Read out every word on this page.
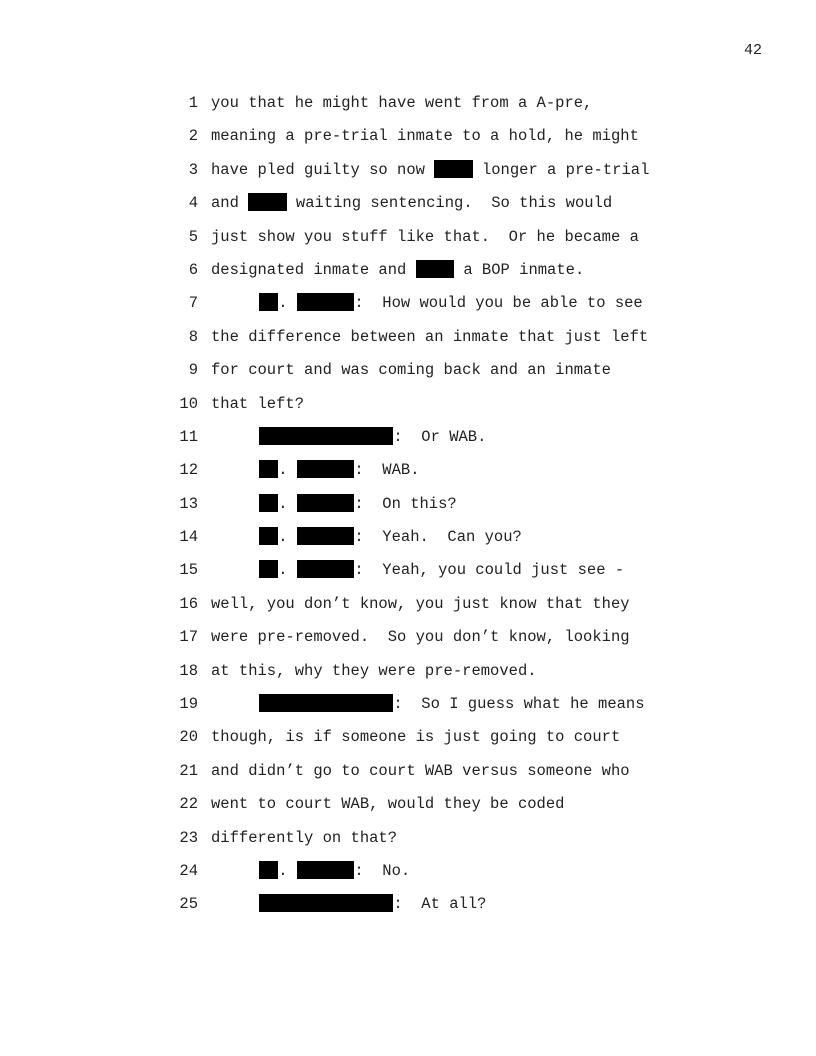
42
1 you that he might have went from a A-pre,
2 meaning a pre-trial inmate to a hold, he might
3 have pled guilty so now  longer a pre-trial
4 and  waiting sentencing.  So this would
5 just show you stuff like that.  Or he became a
6 designated inmate and  a BOP inmate.
7	.	:  How would you be able to see
8 the difference between an inmate that just left
9 for court and was coming back and an inmate
10 that left?
11	:  Or WAB.
12	.	:  WAB.
13	.	:  On this?
14	.	:  Yeah.  Can you?
15	.	:  Yeah, you could just see -
16 well, you don’t know, you just know that they
17 were pre-removed.  So you don’t know, looking
18 at this, why they were pre-removed.
19	:  So I guess what he means
20 though, is if someone is just going to court
21 and didn’t go to court WAB versus someone who
22 went to court WAB, would they be coded
23 differently on that?
24	.	:  No.
25	:  At all?
